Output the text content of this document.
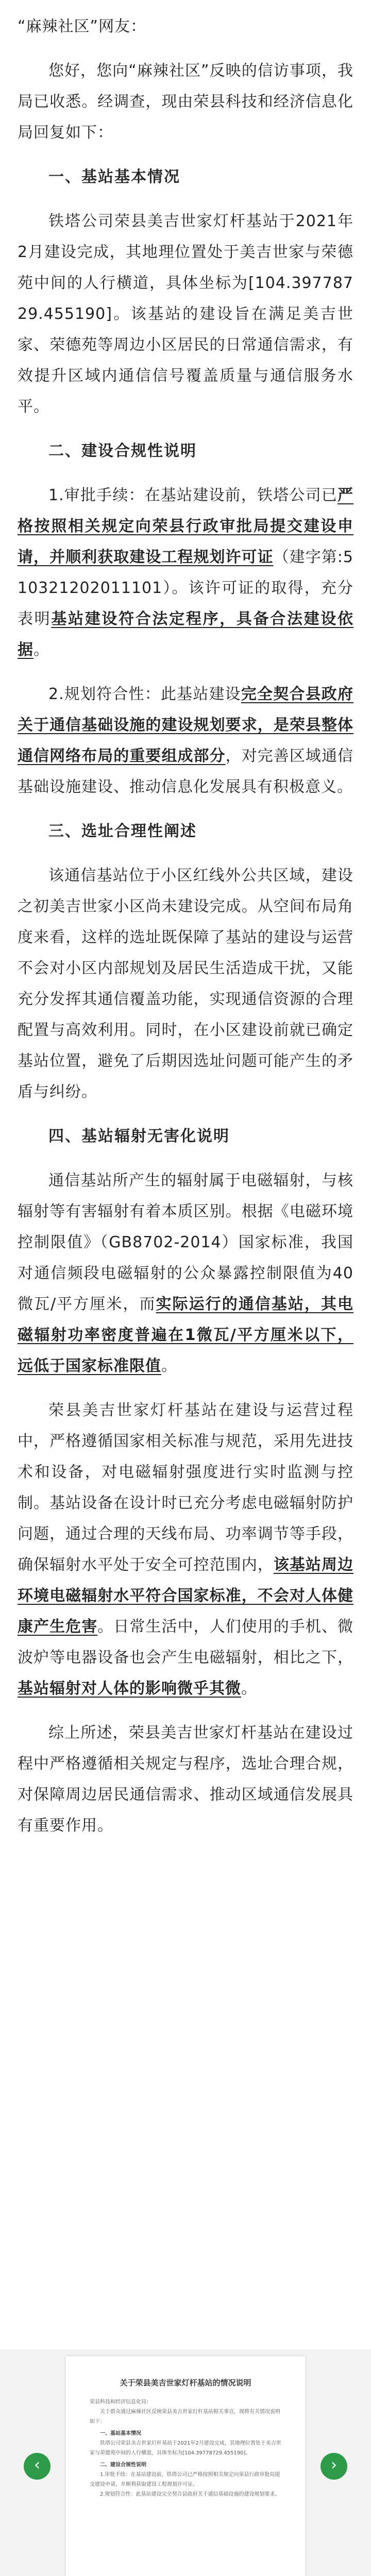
“麻辣社区”网友：

您好，您向“麻辣社区”反映的信访事项，我局已收悉。经调查，现由荣县科技和经济信息化局回复如下：

一、基站基本情况

铁塔公司荣县美吉世家灯杆基站于2021年2月建设完成，其地理位置处于美吉世家与荣德苑中间的人行横道，具体坐标为[104.39778729.455190]。该基站的建设旨在满足美吉世家、荣德苑等周边小区居民的日常通信需求，有效提升区域内通信信号覆盖质量与通信服务水平。

二、建设合规性说明

1.审批手续：在基站建设前，铁塔公司已严格按照相关规定向荣县行政审批局提交建设申请，并顺利获取建设工程规划许可证（建字第:510321202011101）。该许可证的取得，充分表明基站建设符合法定程序，具备合法建设依据。

2.规划符合性：此基站建设完全契合县政府关于通信基础设施的建设规划要求，是荣县整体通信网络布局的重要组成部分，对完善区域通信基础设施建设、推动信息化发展具有积极意义。

三、选址合理性阐述

该通信基站位于小区红线外公共区域，建设之初美吉世家小区尚未建设完成。从空间布局角度来看，这样的选址既保障了基站的建设与运营不会对小区内部规划及居民生活造成干扰，又能充分发挥其通信覆盖功能，实现通信资源的合理配置与高效利用。同时，在小区建设前就已确定基站位置，避免了后期因选址问题可能产生的矛盾与纠纷。

四、基站辐射无害化说明

通信基站所产生的辐射属于电磁辐射，与核辐射等有害辐射有着本质区别。根据《电磁环境控制限值》（GB8702-2014）国家标准，我国对通信频段电磁辐射的公众暴露控制限值为40微瓦/平方厘米，而实际运行的通信基站，其电磁辐射功率密度普遍在1微瓦/平方厘米以下，远低于国家标准限值。

荣县美吉世家灯杆基站在建设与运营过程中，严格遵循国家相关标准与规范，采用先进技术和设备，对电磁辐射强度进行实时监测与控制。基站设备在设计时已充分考虑电磁辐射防护问题，通过合理的天线布局、功率调节等手段，确保辐射水平处于安全可控范围内，该基站周边环境电磁辐射水平符合国家标准，不会对人体健康产生危害。日常生活中，人们使用的手机、微波炉等电器设备也会产生电磁辐射，相比之下，基站辐射对人体的影响微乎其微。

综上所述，荣县美吉世家灯杆基站在建设过程中严格遵循相关规定与程序，选址合理合规，对保障周边居民通信需求、推动区域通信发展具有重要作用。

关于荣县美吉世家灯杆基站的情况说明

荣县科技和经济信息化局：

关于群众通过麻辣社区反映荣县美吉世家灯杆基站相关事宜，现将有关情况说明如下：

一、基站基本情况

铁塔公司荣县美吉世家灯杆基站于2021年2月建设完成，其地理位置处于美吉世家与荣德苑中间的人行横道，具体坐标为[104.39778729.455190]。

二、建设合规性说明

1.审批手续：在基站建设前，铁塔公司已严格按照相关规定向荣县行政审批局提交建设申请，并顺利获取建设工程规划许可证。

2.规划符合性：此基站建设完全契合县政府关于通信基础设施的建设规划要求。

‹	›
